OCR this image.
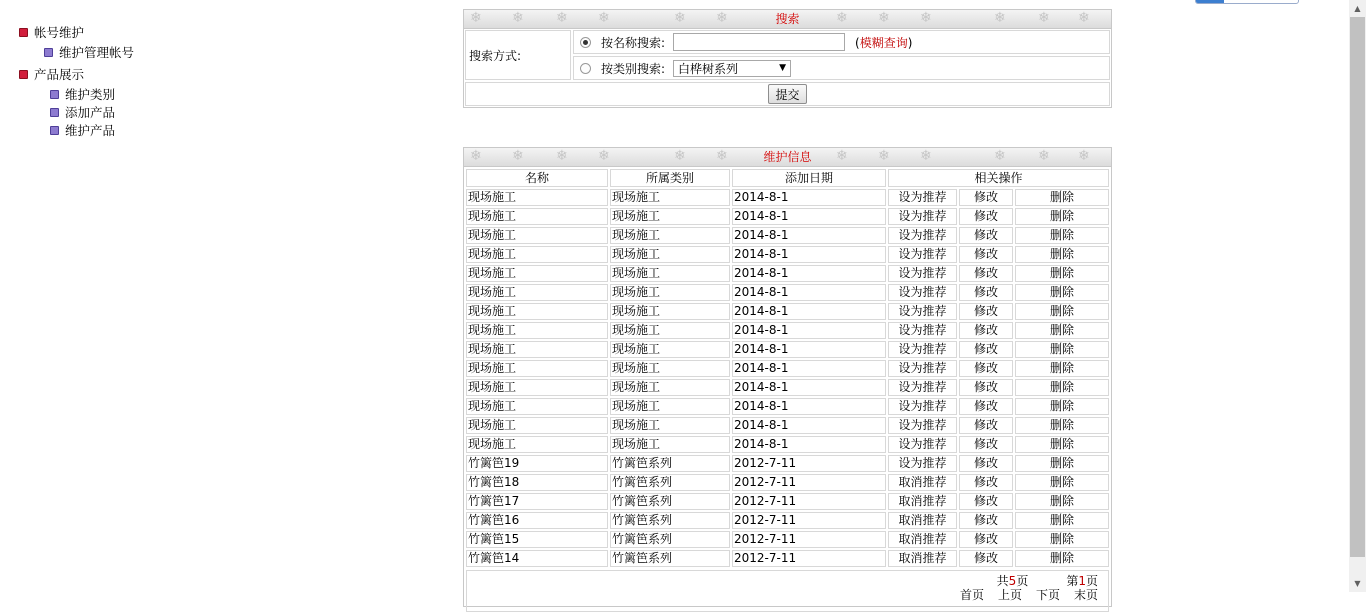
帐号维护
维护管理帐号
产品展示
维护类别
添加产品
维护产品
❄ ❄ ❄ ❄	❄ ❄	❄ ❄ ❄	❄ ❄ ❄
搜索
搜索方式:
按名称搜索:	(模糊查询)
按类别搜索: 白桦树系列	▼
提交
❄ ❄ ❄ ❄	❄ ❄	❄ ❄ ❄	❄ ❄ ❄
维护信息
名称	所属类别	添加日期	相关操作		
现场施工	现场施工	2014-8-1	设为推荐	修改	删除
现场施工	现场施工	2014-8-1	设为推荐	修改	删除
现场施工	现场施工	2014-8-1	设为推荐	修改	删除
现场施工	现场施工	2014-8-1	设为推荐	修改	删除
现场施工	现场施工	2014-8-1	设为推荐	修改	删除
现场施工	现场施工	2014-8-1	设为推荐	修改	删除
现场施工	现场施工	2014-8-1	设为推荐	修改	删除
现场施工	现场施工	2014-8-1	设为推荐	修改	删除
现场施工	现场施工	2014-8-1	设为推荐	修改	删除
现场施工	现场施工	2014-8-1	设为推荐	修改	删除
现场施工	现场施工	2014-8-1	设为推荐	修改	删除
现场施工	现场施工	2014-8-1	设为推荐	修改	删除
现场施工	现场施工	2014-8-1	设为推荐	修改	删除
现场施工	现场施工	2014-8-1	设为推荐	修改	删除
竹篱笆19	竹篱笆系列	2012-7-11	设为推荐	修改	删除
竹篱笆18	竹篱笆系列	2012-7-11	取消推荐	修改	删除
竹篱笆17	竹篱笆系列	2012-7-11	取消推荐	修改	删除
竹篱笆16	竹篱笆系列	2012-7-11	取消推荐	修改	删除
竹篱笆15	竹篱笆系列	2012-7-11	取消推荐	修改	删除
竹篱笆14	竹篱笆系列	2012-7-11	取消推荐	修改	删除
共5页	第1页
首页 上页 下页 末页
▲
▼
